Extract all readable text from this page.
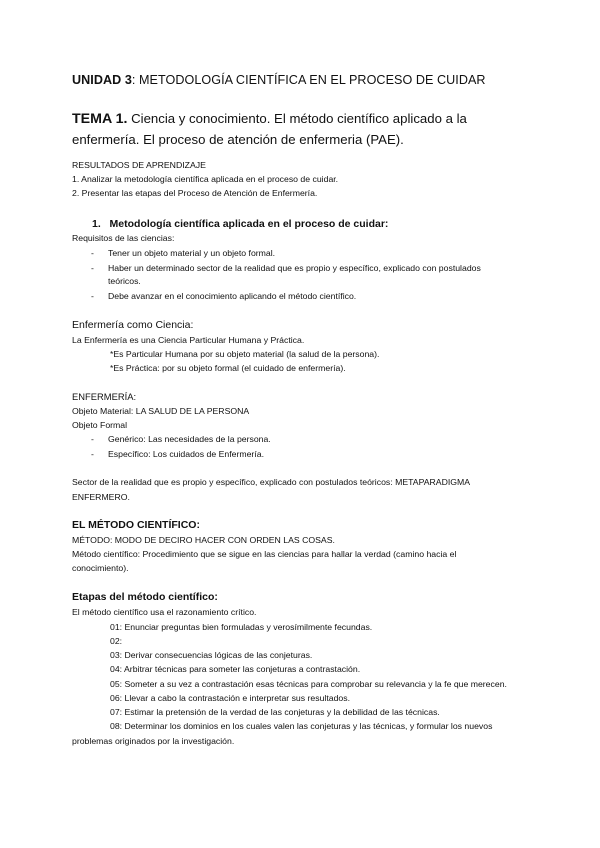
UNIDAD 3: METODOLOGÍA CIENTÍFICA EN EL PROCESO DE CUIDAR
TEMA 1. Ciencia y conocimiento. El método científico aplicado a la enfermería. El proceso de atención de enfermeria (PAE).
RESULTADOS DE APRENDIZAJE
1. Analizar la metodología científica aplicada en el proceso de cuidar.
2. Presentar las etapas del Proceso de Atención de Enfermería.
1. Metodología científica aplicada en el proceso de cuidar:
Requisitos de las ciencias:
- Tener un objeto material y un objeto formal.
- Haber un determinado sector de la realidad que es propio y específico, explicado con postulados
teóricos.
- Debe avanzar en el conocimiento aplicando el método científico.
Enfermería como Ciencia:
La Enfermería es una Ciencia Particular Humana y Práctica.
*Es Particular Humana por su objeto material (la salud de la persona).
*Es Práctica: por su objeto formal (el cuidado de enfermería).
ENFERMERÍA:
Objeto Material: LA SALUD DE LA PERSONA
Objeto Formal
- Genérico: Las necesidades de la persona.
- Específico: Los cuidados de Enfermería.
Sector de la realidad que es propio y específico, explicado con postulados teóricos: METAPARADIGMA
ENFERMERO.
EL MÉTODO CIENTÍFICO:
MÉTODO: MODO DE DECIRO HACER CON ORDEN LAS COSAS.
Método científico: Procedimiento que se sigue en las ciencias para hallar la verdad (camino hacia el
conocimiento).
Etapas del método científico:
El método científico usa el razonamiento crítico.
01: Enunciar preguntas bien formuladas y verosímilmente fecundas.
02:
03: Derivar consecuencias lógicas de las conjeturas.
04: Arbitrar técnicas para someter las conjeturas a contrastación.
05: Someter a su vez a contrastación esas técnicas para comprobar su relevancia y la fe que merecen.
06: Llevar a cabo la contrastación e interpretar sus resultados.
07: Estimar la pretensión de la verdad de las conjeturas y la debilidad de las técnicas.
08: Determinar los dominios en los cuales valen las conjeturas y las técnicas, y formular los nuevos
problemas originados por la investigación.
